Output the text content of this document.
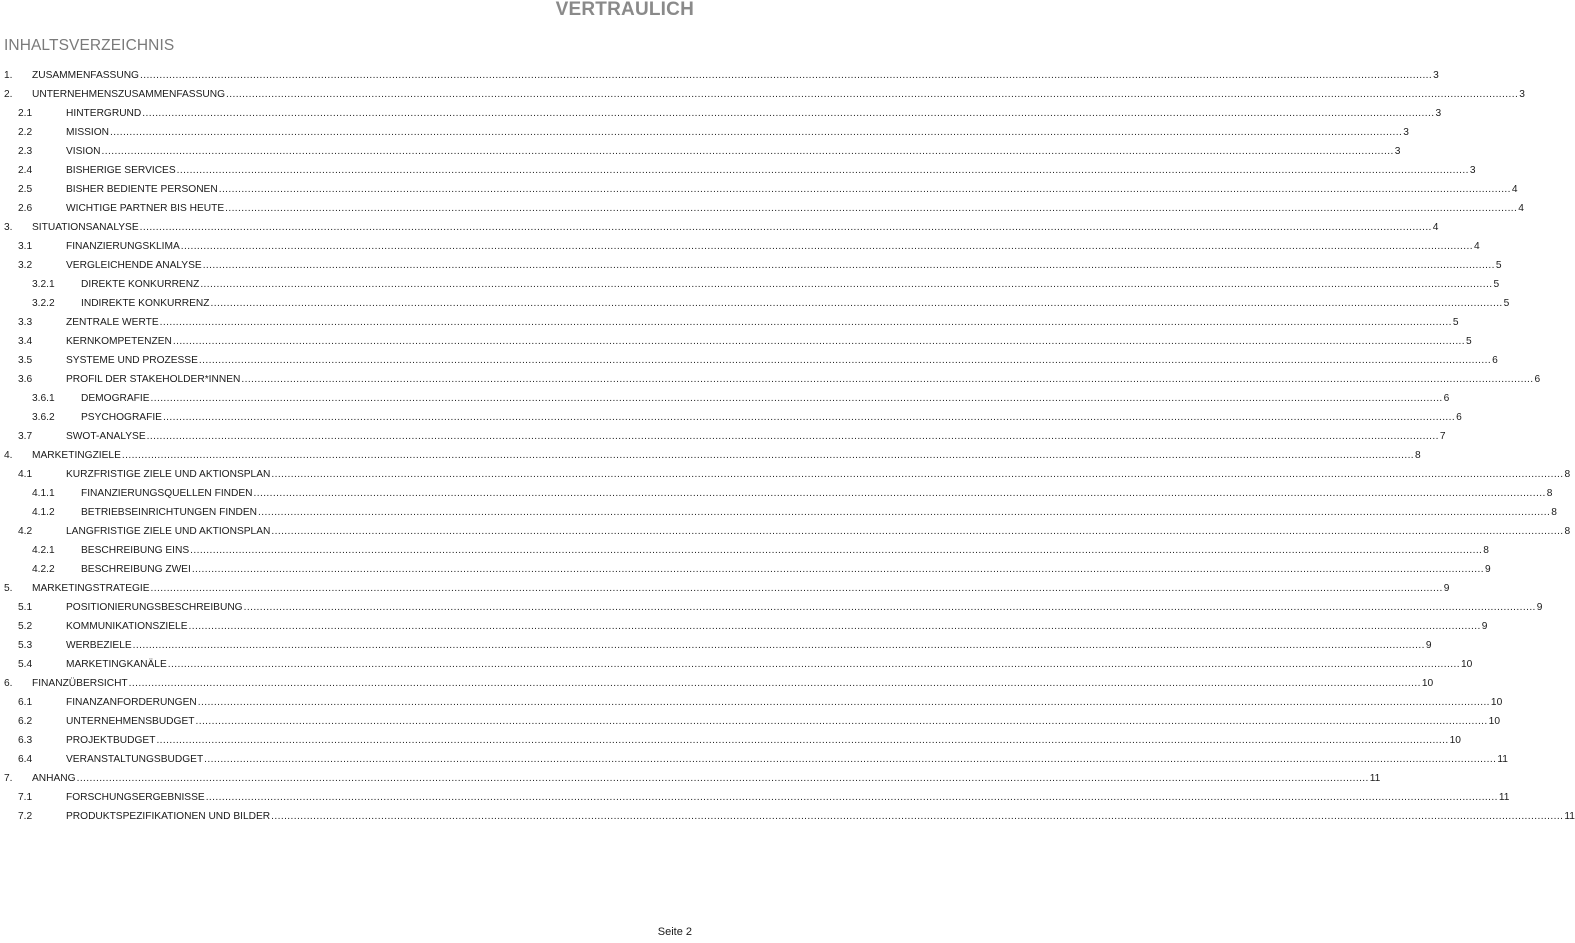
VERTRAULICH
INHALTSVERZEICHNIS
1. ZUSAMMENFASSUNG ................................................................................................................................................................................................................................................................................................................................................................................................................ 3
2. UNTERNEHMENSZUSAMMENFASSUNG ................................................................................................................................................................................................................................................................................................................................................................................................................ 3
2.1	HINTERGRUND ................................................................................................................................................................................................................................................................................................................................................................................................................ 3
2.2	MISSION ................................................................................................................................................................................................................................................................................................................................................................................................................ 3
2.3	VISION ................................................................................................................................................................................................................................................................................................................................................................................................................ 3
2.4	BISHERIGE SERVICES ................................................................................................................................................................................................................................................................................................................................................................................................................ 3
2.5	BISHER BEDIENTE PERSONEN ................................................................................................................................................................................................................................................................................................................................................................................................................ 4
2.6	WICHTIGE PARTNER BIS HEUTE ................................................................................................................................................................................................................................................................................................................................................................................................................ 4
3. SITUATIONSANALYSE ................................................................................................................................................................................................................................................................................................................................................................................................................ 4
3.1	FINANZIERUNGSKLIMA ................................................................................................................................................................................................................................................................................................................................................................................................................ 4
3.2	VERGLEICHENDE ANALYSE ................................................................................................................................................................................................................................................................................................................................................................................................................ 5
3.2.1	DIREKTE KONKURRENZ ................................................................................................................................................................................................................................................................................................................................................................................................................ 5
3.2.2	INDIREKTE KONKURRENZ ................................................................................................................................................................................................................................................................................................................................................................................................................ 5
3.3	ZENTRALE WERTE ................................................................................................................................................................................................................................................................................................................................................................................................................ 5
3.4	KERNKOMPETENZEN ................................................................................................................................................................................................................................................................................................................................................................................................................ 5
3.5	SYSTEME UND PROZESSE ................................................................................................................................................................................................................................................................................................................................................................................................................ 6
3.6	PROFIL DER STAKEHOLDER*INNEN ................................................................................................................................................................................................................................................................................................................................................................................................................ 6
3.6.1	DEMOGRAFIE ................................................................................................................................................................................................................................................................................................................................................................................................................ 6
3.6.2	PSYCHOGRAFIE ................................................................................................................................................................................................................................................................................................................................................................................................................ 6
3.7	SWOT-ANALYSE ................................................................................................................................................................................................................................................................................................................................................................................................................ 7
4. MARKETINGZIELE ................................................................................................................................................................................................................................................................................................................................................................................................................ 8
4.1	KURZFRISTIGE ZIELE UND AKTIONSPLAN ................................................................................................................................................................................................................................................................................................................................................................................................................ 8
4.1.1	FINANZIERUNGSQUELLEN FINDEN ................................................................................................................................................................................................................................................................................................................................................................................................................ 8
4.1.2	BETRIEBSEINRICHTUNGEN FINDEN ................................................................................................................................................................................................................................................................................................................................................................................................................ 8
4.2	LANGFRISTIGE ZIELE UND AKTIONSPLAN ................................................................................................................................................................................................................................................................................................................................................................................................................ 8
4.2.1	BESCHREIBUNG EINS ................................................................................................................................................................................................................................................................................................................................................................................................................ 8
4.2.2	BESCHREIBUNG ZWEI ................................................................................................................................................................................................................................................................................................................................................................................................................ 9
5. MARKETINGSTRATEGIE ................................................................................................................................................................................................................................................................................................................................................................................................................ 9
5.1	POSITIONIERUNGSBESCHREIBUNG ................................................................................................................................................................................................................................................................................................................................................................................................................ 9
5.2	KOMMUNIKATIONSZIELE ................................................................................................................................................................................................................................................................................................................................................................................................................ 9
5.3	WERBEZIELE ................................................................................................................................................................................................................................................................................................................................................................................................................ 9
5.4	MARKETINGKANÄLE ................................................................................................................................................................................................................................................................................................................................................................................................................ 10
6. FINANZÜBERSICHT ................................................................................................................................................................................................................................................................................................................................................................................................................ 10
6.1	FINANZANFORDERUNGEN ................................................................................................................................................................................................................................................................................................................................................................................................................ 10
6.2	UNTERNEHMENSBUDGET ................................................................................................................................................................................................................................................................................................................................................................................................................ 10
6.3	PROJEKTBUDGET ................................................................................................................................................................................................................................................................................................................................................................................................................ 10
6.4	VERANSTALTUNGSBUDGET ................................................................................................................................................................................................................................................................................................................................................................................................................ 11
7. ANHANG ................................................................................................................................................................................................................................................................................................................................................................................................................ 11
7.1	FORSCHUNGSERGEBNISSE ................................................................................................................................................................................................................................................................................................................................................................................................................ 11
7.2	PRODUKTSPEZIFIKATIONEN UND BILDER ................................................................................................................................................................................................................................................................................................................................................................................................................ 11
Seite 2
